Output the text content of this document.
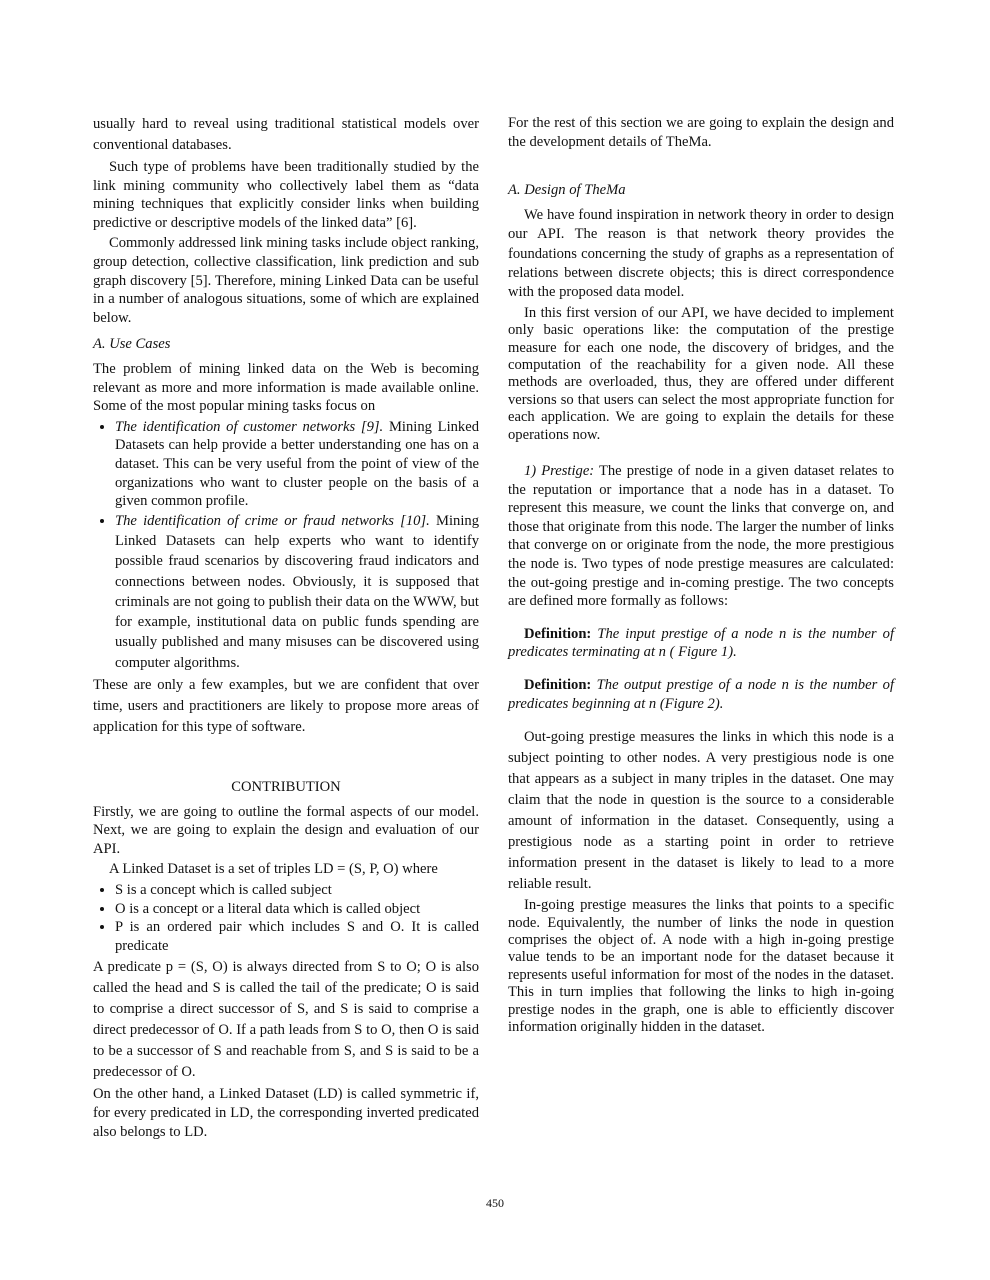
usually hard to reveal using traditional statistical models over conventional databases.

Such type of problems have been traditionally studied by the link mining community who collectively label them as “data mining techniques that explicitly consider links when building predictive or descriptive models of the linked data” [6].

Commonly addressed link mining tasks include object ranking, group detection, collective classification, link prediction and sub graph discovery [5]. Therefore, mining Linked Data can be useful in a number of analogous situations, some of which are explained below.

A. Use Cases

The problem of mining linked data on the Web is becoming relevant as more and more information is made available online. Some of the most popular mining tasks focus on

• The identification of customer networks [9]. Mining Linked Datasets can help provide a better understanding one has on a dataset. This can be very useful from the point of view of the organizations who want to cluster people on the basis of a given common profile.
• The identification of crime or fraud networks [10]. Mining Linked Datasets can help experts who want to identify possible fraud scenarios by discovering fraud indicators and connections between nodes. Obviously, it is supposed that criminals are not going to publish their data on the WWW, but for example, institutional data on public funds spending are usually published and many misuses can be discovered using computer algorithms.

These are only a few examples, but we are confident that over time, users and practitioners are likely to propose more areas of application for this type of software.

CONTRIBUTION

Firstly, we are going to outline the formal aspects of our model. Next, we are going to explain the design and evaluation of our API.

A Linked Dataset is a set of triples LD = (S, P, O) where

• S is a concept which is called subject
• O is a concept or a literal data which is called object
• P is an ordered pair which includes S and O. It is called predicate

A predicate p = (S, O) is always directed from S to O; O is also called the head and S is called the tail of the predicate; O is said to comprise a direct successor of S, and S is said to comprise a direct predecessor of O. If a path leads from S to O, then O is said to be a successor of S and reachable from S, and S is said to be a predecessor of O.

On the other hand, a Linked Dataset (LD) is called symmetric if, for every predicated in LD, the corresponding inverted predicated also belongs to LD.

For the rest of this section we are going to explain the design and the development details of TheMa.

A. Design of TheMa

We have found inspiration in network theory in order to design our API. The reason is that network theory provides the foundations concerning the study of graphs as a representation of relations between discrete objects; this is direct correspondence with the proposed data model.

In this first version of our API, we have decided to implement only basic operations like: the computation of the prestige measure for each one node, the discovery of bridges, and the computation of the reachability for a given node. All these methods are overloaded, thus, they are offered under different versions so that users can select the most appropriate function for each application. We are going to explain the details for these operations now.

1) Prestige: The prestige of node in a given dataset relates to the reputation or importance that a node has in a dataset. To represent this measure, we count the links that converge on, and those that originate from this node. The larger the number of links that converge on or originate from the node, the more prestigious the node is. Two types of node prestige measures are calculated: the out-going prestige and in-coming prestige. The two concepts are defined more formally as follows:

Definition: The input prestige of a node n is the number of predicates terminating at n ( Figure 1).

Definition: The output prestige of a node n is the number of predicates beginning at n (Figure 2).

Out-going prestige measures the links in which this node is a subject pointing to other nodes. A very prestigious node is one that appears as a subject in many triples in the dataset. One may claim that the node in question is the source to a considerable amount of information in the dataset. Consequently, using a prestigious node as a starting point in order to retrieve information present in the dataset is likely to lead to a more reliable result.

In-going prestige measures the links that points to a specific node. Equivalently, the number of links the node in question comprises the object of. A node with a high in-going prestige value tends to be an important node for the dataset because it represents useful information for most of the nodes in the dataset. This in turn implies that following the links to high in-going prestige nodes in the graph, one is able to efficiently discover information originally hidden in the dataset.

450
